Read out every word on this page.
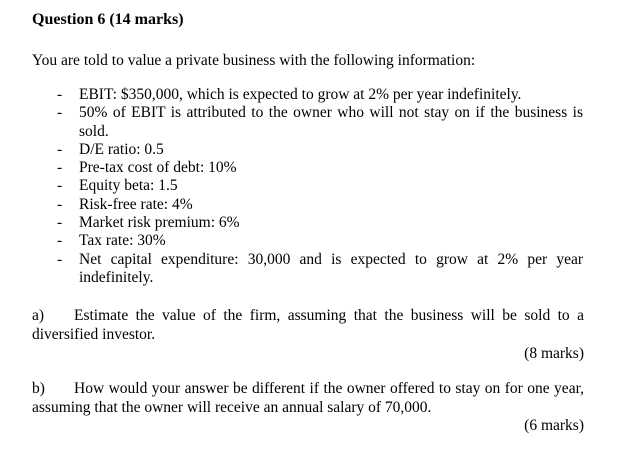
Question 6 (14 marks)
You are told to value a private business with the following information:
- EBIT: $350,000, which is expected to grow at 2% per year indefinitely.
- 50% of EBIT is attributed to the owner who will not stay on if the business is sold.
- D/E ratio: 0.5
- Pre-tax cost of debt: 10%
- Equity beta: 1.5
- Risk-free rate: 4%
- Market risk premium: 6%
- Tax rate: 30%
- Net capital expenditure: 30,000 and is expected to grow at 2% per year indefinitely.
a) Estimate the value of the firm, assuming that the business will be sold to a diversified investor.
(8 marks)
b) How would your answer be different if the owner offered to stay on for one year, assuming that the owner will receive an annual salary of 70,000.
(6 marks)
